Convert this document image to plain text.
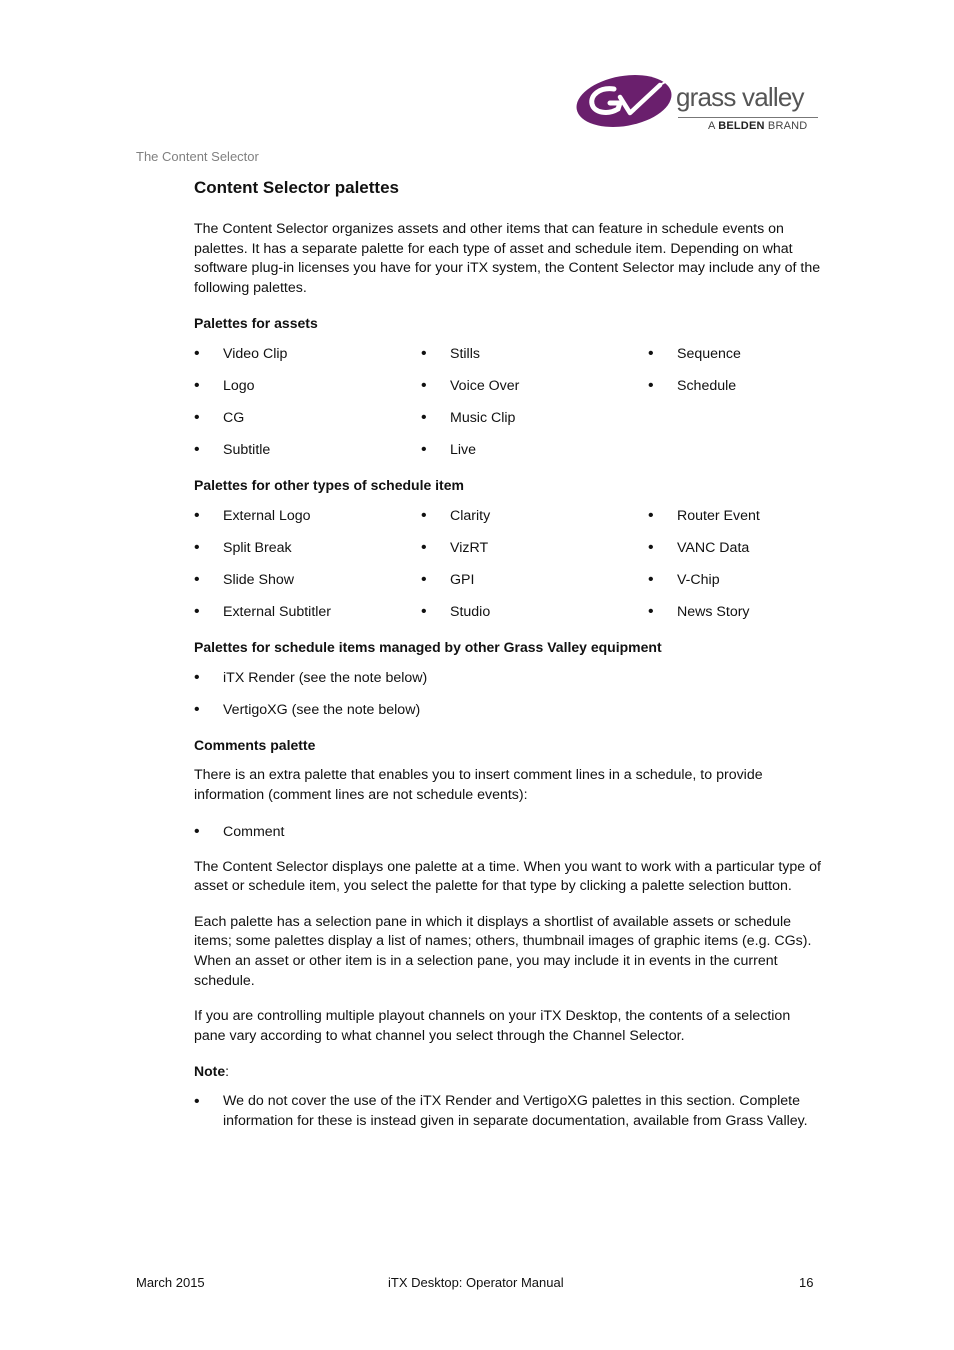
grass valley
A BELDEN BRAND
The Content Selector
Content Selector palettes

The Content Selector organizes assets and other items that can feature in schedule events on palettes. It has a separate palette for each type of asset and schedule item. Depending on what software plug-in licenses you have for your iTX system, the Content Selector may include any of the following palettes.

Palettes for assets
• Video Clip	• Stills	• Sequence
• Logo	• Voice Over	• Schedule
• CG	• Music Clip
• Subtitle	• Live
Palettes for other types of schedule item
• External Logo	• Clarity	• Router Event
• Split Break	• VizRT	• VANC Data
• Slide Show	• GPI	• V-Chip
• External Subtitler	• Studio	• News Story
Palettes for schedule items managed by other Grass Valley equipment
• iTX Render (see the note below)
• VertigoXG (see the note below)
Comments palette

There is an extra palette that enables you to insert comment lines in a schedule, to provide information (comment lines are not schedule events):

• Comment

The Content Selector displays one palette at a time. When you want to work with a particular type of asset or schedule item, you select the palette for that type by clicking a palette selection button.

Each palette has a selection pane in which it displays a shortlist of available assets or schedule items; some palettes display a list of names; others, thumbnail images of graphic items (e.g. CGs). When an asset or other item is in a selection pane, you may include it in events in the current schedule.

If you are controlling multiple playout channels on your iTX Desktop, the contents of a selection pane vary according to what channel you select through the Channel Selector.

Note:
• We do not cover the use of the iTX Render and VertigoXG palettes in this section. Complete information for these is instead given in separate documentation, available from Grass Valley.
March 2015	iTX Desktop: Operator Manual	16
